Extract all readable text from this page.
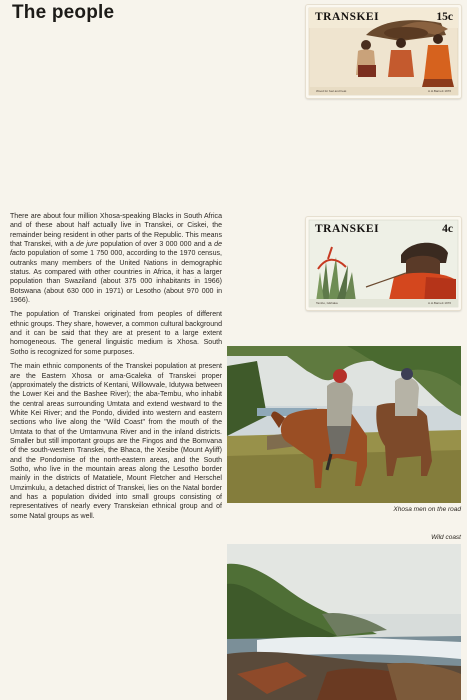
The people

There are about four million Xhosa-speaking Blacks in South Africa and of these about half actually live in Transkei, or Ciskei, the remainder being resident in other parts of the Republic. This means that Transkei, with a de jure population of over 3 000 000 and a de facto population of some 1 750 000, according to the 1970 census, outranks many members of the United Nations in demographic status. As compared with other countries in Africa, it has a larger population than Swaziland (about 375 000 inhabitants in 1966) Botswana (about 630 000 in 1971) or Lesotho (about 970 000 in 1966).

The population of Transkei originated from peoples of different ethnic groups. They share, however, a common cultural background and it can be said that they are at present to a large extent homogeneous. The general linguistic medium is Xhosa. South Sotho is recognized for some purposes.

The main ethnic components of the Transkei population at present are the Eastern Xhosa or ama-Gcaleka of Transkei proper (approximately the districts of Kentani, Willowvale, Idutywa between the Lower Kei and the Bashee River); the aba-Tembu, who inhabit the central areas surrounding Umtata and extend westward to the White Kei River; and the Pondo, divided into western and eastern sections who live along the "Wild Coast" from the mouth of the Umtata to that of the Umtamvuna River and in the inland districts. Smaller but still important groups are the Fingos and the Bomvana of the south-western Transkei, the Bhaca, the Xesibe (Mount Ayliff) and the Pondomise of the north-eastern areas, and the South Sotho, who live in the mountain areas along the Lesotho border mainly in the districts of Matatiele, Mount Fletcher and Herschel Umzimkulu, a detached district of Transkei, lies on the Natal border and has a population divided into small groups consisting of representatives of nearly every Transkeian ethnical group and of some Natal groups as well.

TRANSKEI	15c
Wood for fuel and heat	A.H.Barnett 1976
TRANSKEI	4c
Tambo, Isikhaka	A.H.Barnett 1976
Xhosa men on the road
Wild coast
